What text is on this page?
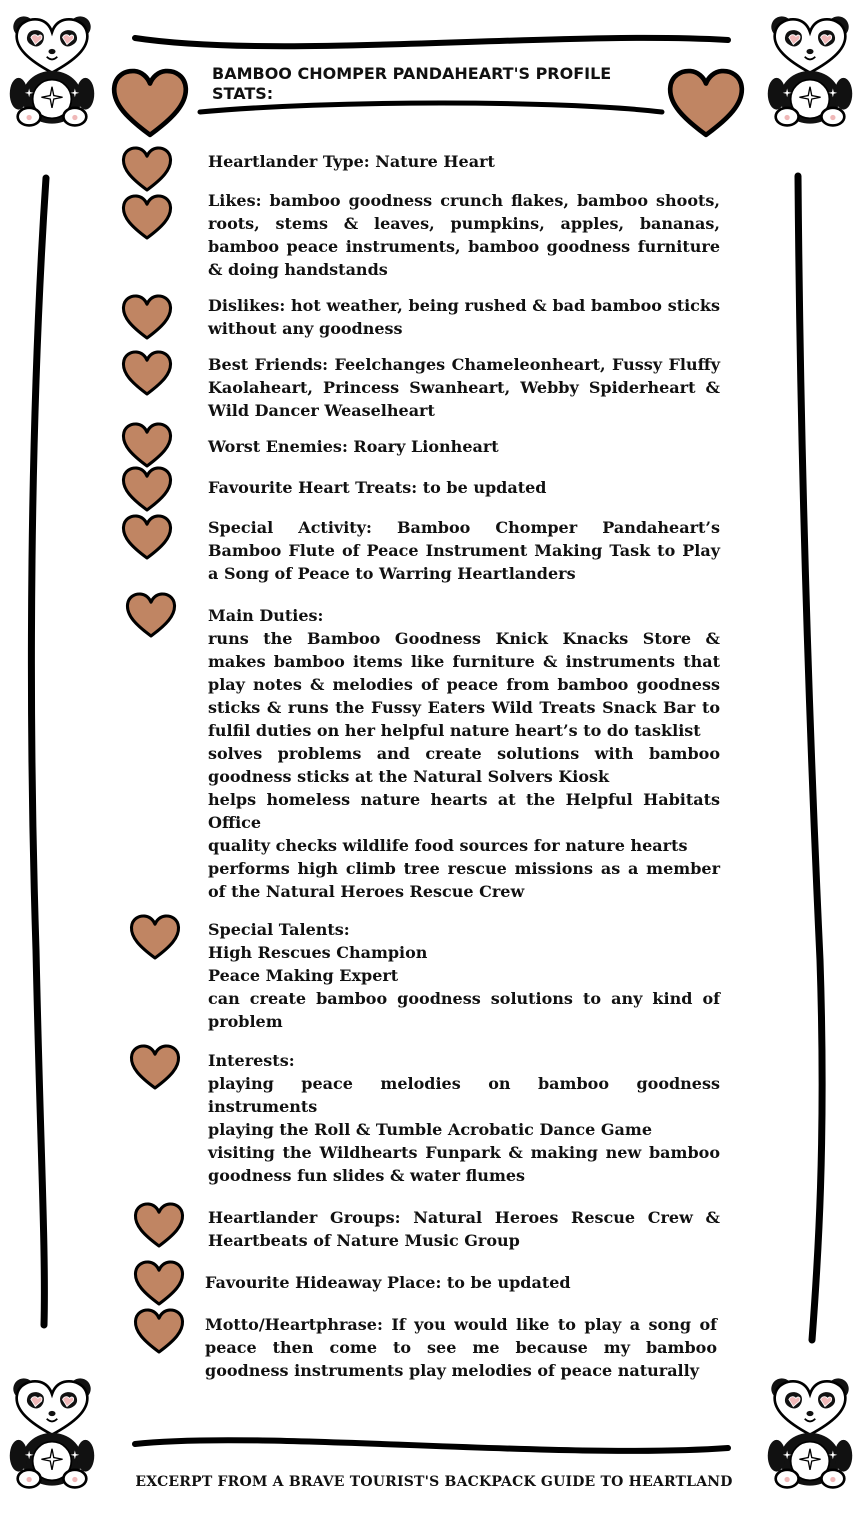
BAMBOO CHOMPER PANDAHEART'S PROFILE STATS:
Heartlander Type: Nature Heart
Likes: bamboo goodness crunch flakes, bamboo shoots, roots, stems & leaves, pumpkins, apples, bananas, bamboo peace instruments, bamboo goodness furniture & doing handstands
Dislikes: hot weather, being rushed & bad bamboo sticks without any goodness
Best Friends: Feelchanges Chameleonheart, Fussy Fluffy Kaolaheart, Princess Swanheart, Webby Spiderheart & Wild Dancer Weaselheart
Worst Enemies: Roary Lionheart
Favourite Heart Treats: to be updated
Special Activity: Bamboo Chomper Pandaheart’s Bamboo Flute of Peace Instrument Making Task to Play a Song of Peace to Warring Heartlanders
Main Duties:
runs the Bamboo Goodness Knick Knacks Store & makes bamboo items like furniture & instruments that play notes & melodies of peace from bamboo goodness sticks & runs the Fussy Eaters Wild Treats Snack Bar to fulfil duties on her helpful nature heart’s to do tasklist
solves problems and create solutions with bamboo goodness sticks at the Natural Solvers Kiosk
helps homeless nature hearts at the Helpful Habitats Office
quality checks wildlife food sources for nature hearts
performs high climb tree rescue missions as a member of the Natural Heroes Rescue Crew
Special Talents:
High Rescues Champion
Peace Making Expert
can create bamboo goodness solutions to any kind of problem
Interests:
playing peace melodies on bamboo goodness instruments
playing the Roll & Tumble Acrobatic Dance Game
visiting the Wildhearts Funpark & making new bamboo goodness fun slides & water flumes
Heartlander Groups: Natural Heroes Rescue Crew & Heartbeats of Nature Music Group
Favourite Hideaway Place: to be updated
Motto/Heartphrase: If you would like to play a song of peace then come to see me because my bamboo goodness instruments play melodies of peace naturally
EXCERPT FROM A BRAVE TOURIST'S BACKPACK GUIDE TO HEARTLAND
